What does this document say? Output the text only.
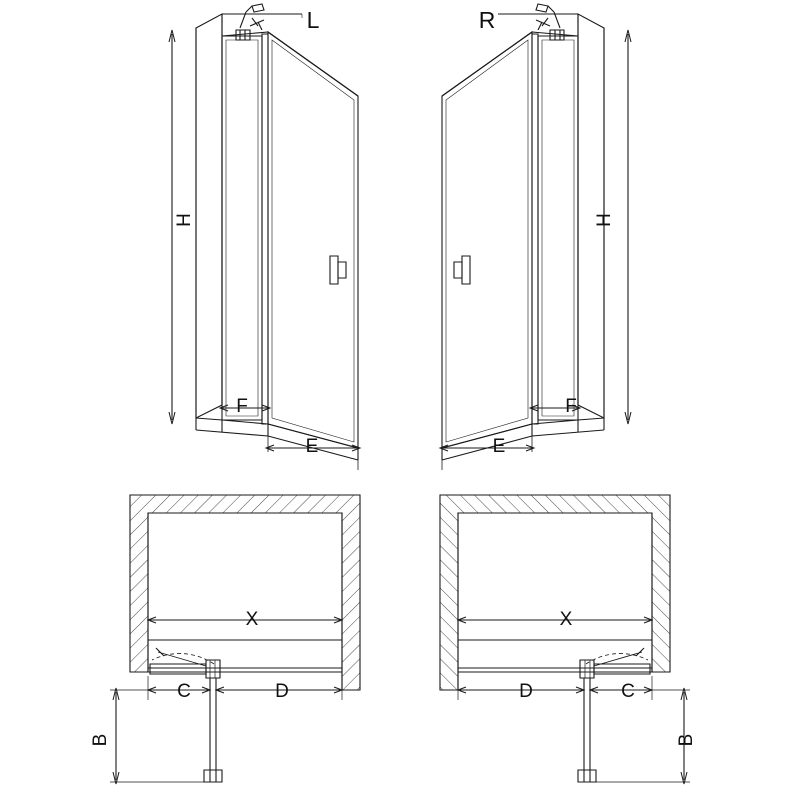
L	R
H
F
E
H
F
E
X
C	D
B
X
C
D
B
